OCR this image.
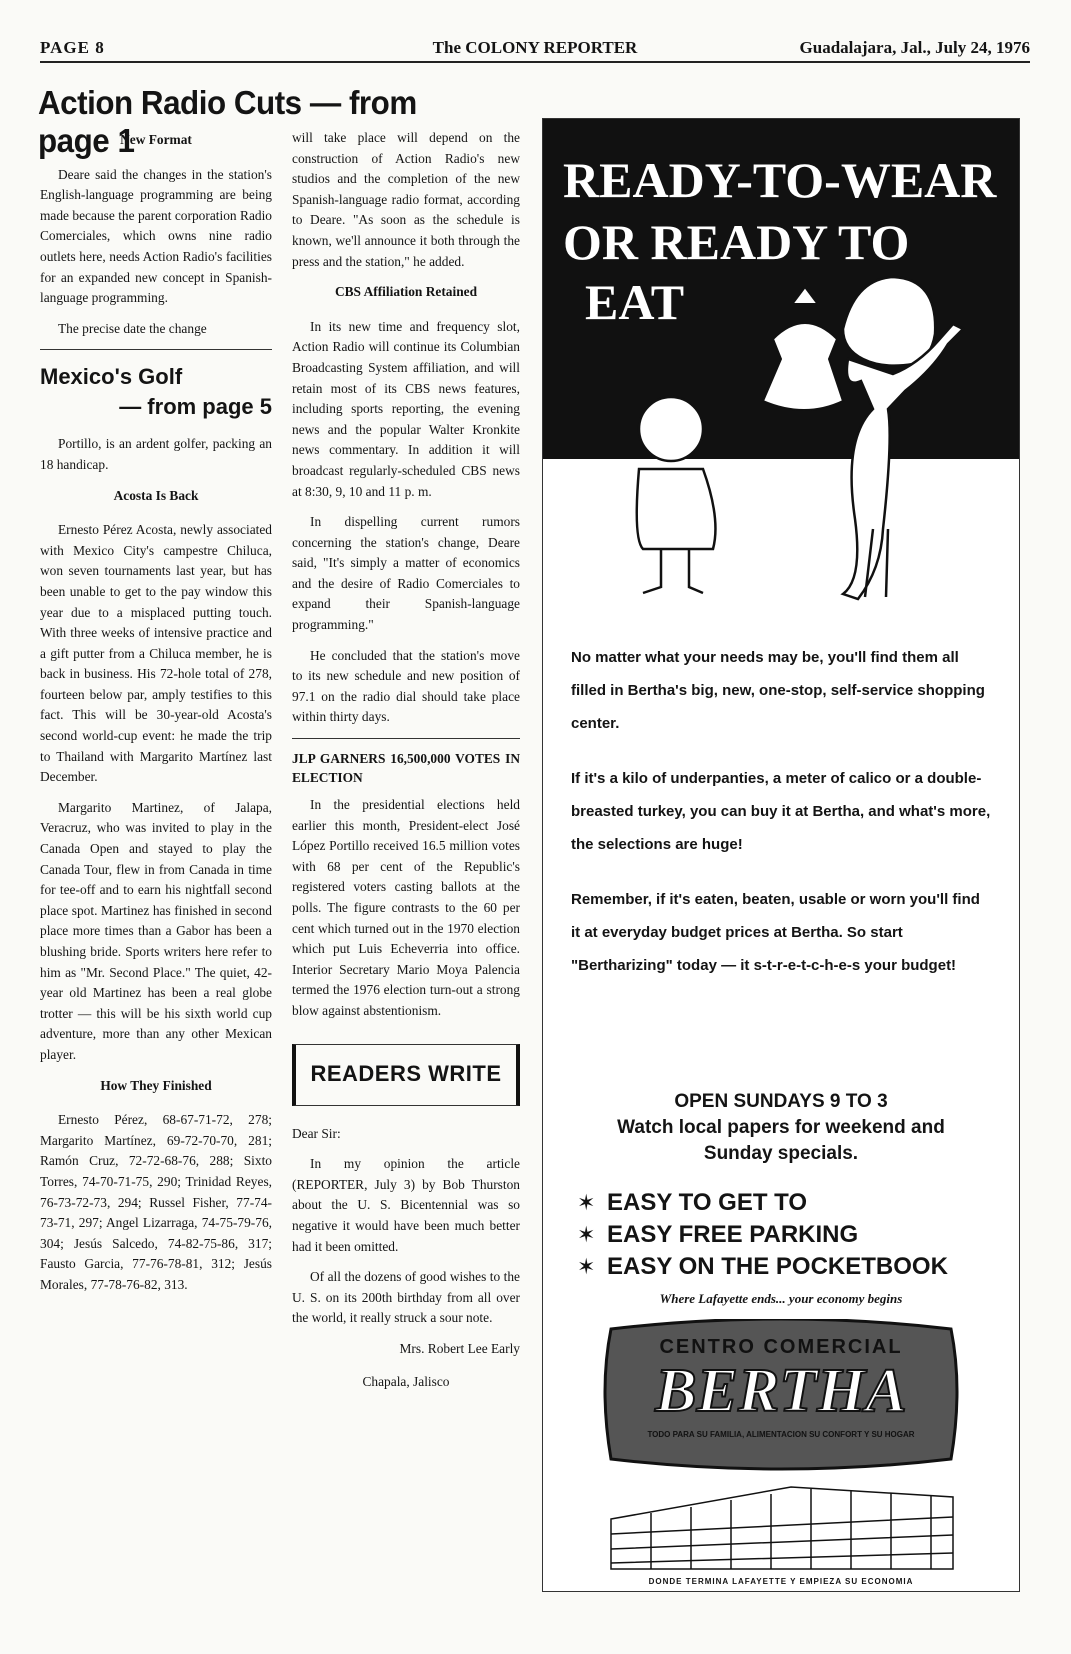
PAGE 8	The COLONY REPORTER	Guadalajara, Jal., July 24, 1976
Action Radio Cuts — from page 1
New Format

Deare said the changes in the station's English-language programming are being made because the parent corporation Radio Comerciales, which owns nine radio outlets here, needs Action Radio's facilities for an expanded new concept in Spanish-language programming.

The precise date the change

Mexico's Golf
— from page 5

Portillo, is an ardent golfer, packing an 18 handicap.

Acosta Is Back

Ernesto Pérez Acosta, newly associated with Mexico City's campestre Chiluca, won seven tournaments last year, but has been unable to get to the pay window this year due to a misplaced putting touch. With three weeks of intensive practice and a gift putter from a Chiluca member, he is back in business. His 72-hole total of 278, fourteen below par, amply testifies to this fact. This will be 30-year-old Acosta's second world-cup event: he made the trip to Thailand with Margarito Martínez last December.

Margarito Martinez, of Jalapa, Veracruz, who was invited to play in the Canada Open and stayed to play the Canada Tour, flew in from Canada in time for tee-off and to earn his nightfall second place spot. Martinez has finished in second place more times than a Gabor has been a blushing bride. Sports writers here refer to him as "Mr. Second Place." The quiet, 42-year old Martinez has been a real globe trotter — this will be his sixth world cup adventure, more than any other Mexican player.

How They Finished

Ernesto Pérez, 68-67-71-72, 278; Margarito Martínez, 69-72-70-70, 281; Ramón Cruz, 72-72-68-76, 288; Sixto Torres, 74-70-71-75, 290; Trinidad Reyes, 76-73-72-73, 294; Russel Fisher, 77-74-73-71, 297; Angel Lizarraga, 74-75-79-76, 304; Jesús Salcedo, 74-82-75-86, 317; Fausto Garcia, 77-76-78-81, 312; Jesús Morales, 77-78-76-82, 313.

will take place will depend on the construction of Action Radio's new studios and the completion of the new Spanish-language radio format, according to Deare. "As soon as the schedule is known, we'll announce it both through the press and the station," he added.

CBS Affiliation Retained

In its new time and frequency slot, Action Radio will continue its Columbian Broadcasting System affiliation, and will retain most of its CBS news features, including sports reporting, the evening news and the popular Walter Kronkite news commentary. In addition it will broadcast regularly-scheduled CBS news at 8:30, 9, 10 and 11 p. m.

In dispelling current rumors concerning the station's change, Deare said, "It's simply a matter of economics and the desire of Radio Comerciales to expand their Spanish-language programming."

He concluded that the station's move to its new schedule and new position of 97.1 on the radio dial should take place within thirty days.

JLP GARNERS 16,500,000 VOTES IN ELECTION

In the presidential elections held earlier this month, President-elect José López Portillo received 16.5 million votes with 68 per cent of the Republic's registered voters casting ballots at the polls. The figure contrasts to the 60 per cent which turned out in the 1970 election which put Luis Echeverria into office. Interior Secretary Mario Moya Palencia termed the 1976 election turn-out a strong blow against abstentionism.

READERS WRITE

Dear Sir:

In my opinion the article (REPORTER, July 3) by Bob Thurston about the U. S. Bicentennial was so negative it would have been much better had it been omitted.

Of all the dozens of good wishes to the U. S. on its 200th birthday from all over the world, it really struck a sour note.

Mrs. Robert Lee Early
Chapala, Jalisco
READY-TO-WEAR
OR READY TO
EAT

No matter what your needs may be, you'll find them all filled in Bertha's big, new, one-stop, self-service shopping center.

If it's a kilo of underpanties, a meter of calico or a double-breasted turkey, you can buy it at Bertha, and what's more, the selections are huge!

Remember, if it's eaten, beaten, usable or worn you'll find it at everyday budget prices at Bertha. So start "Bertharizing" today — it s-t-r-e-t-c-h-e-s your budget!

OPEN SUNDAYS 9 TO 3
Watch local papers for weekend and
Sunday specials.
✶ EASY TO GET TO
✶ EASY FREE PARKING
✶ EASY ON THE POCKETBOOK
Where Lafayette ends... your economy begins
CENTRO COMERCIAL
BERTHA
TODO PARA SU FAMILIA, ALIMENTACION SU CONFORT Y SU HOGAR
DONDE TERMINA LAFAYETTE Y EMPIEZA SU ECONOMIA
